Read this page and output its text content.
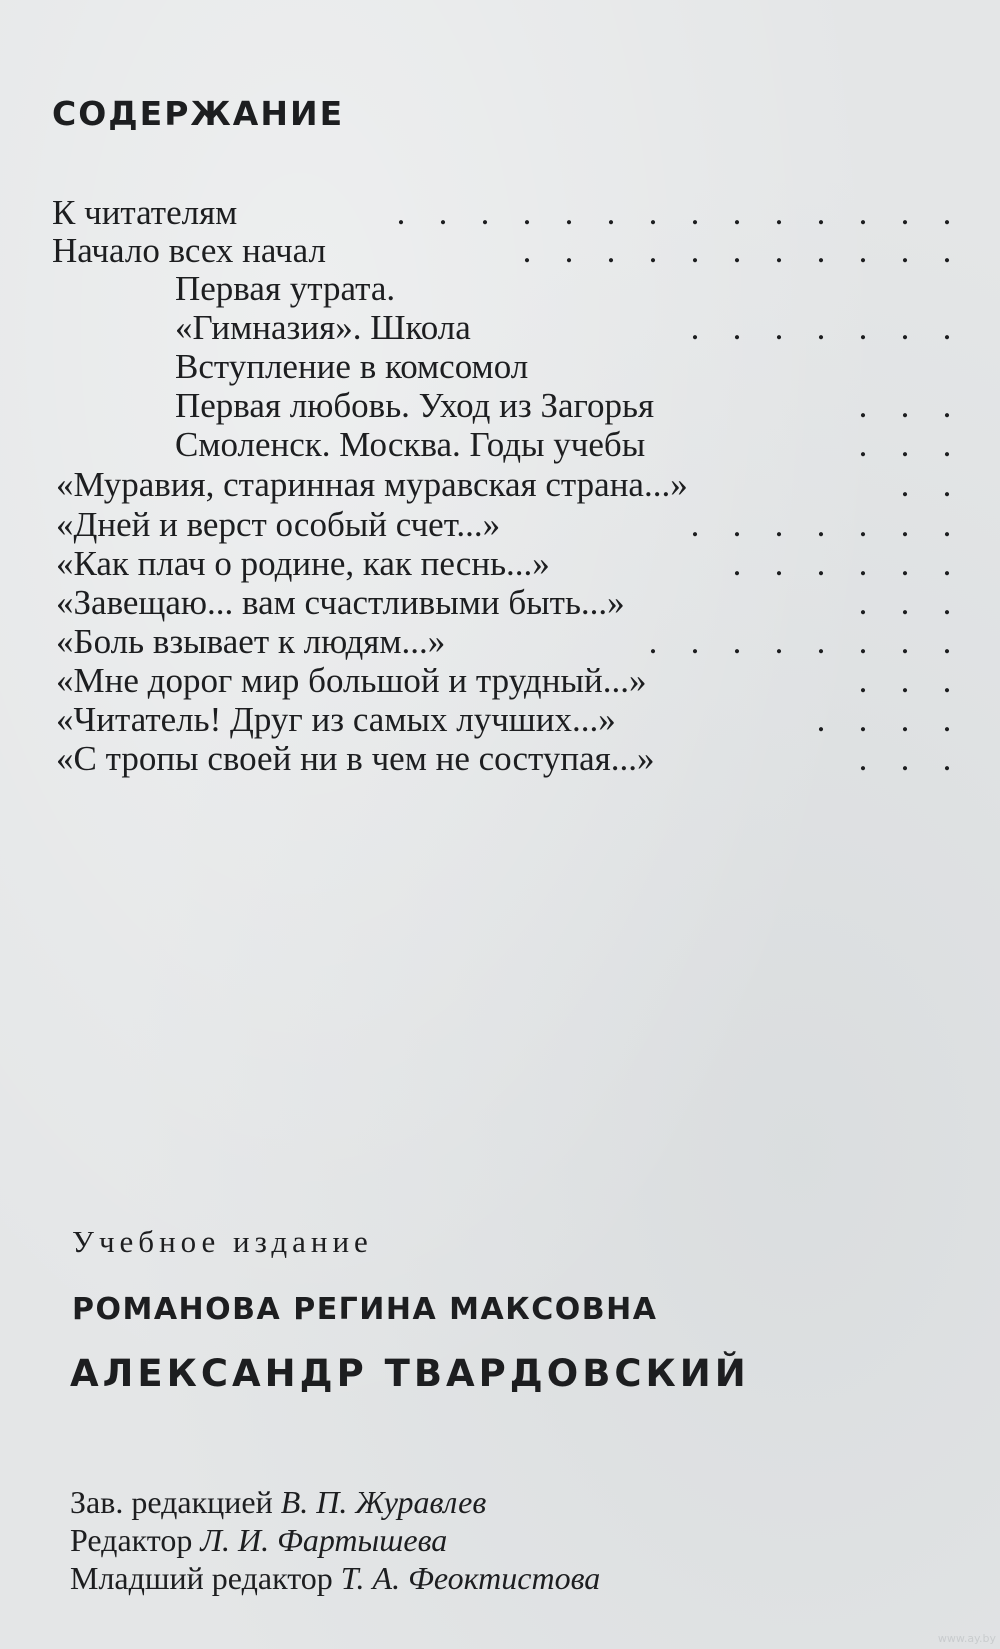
СОДЕРЖАНИЕ
К читателям	. . . . . . . . . . . . . .
Начало всех начал	. . . . . . . . . . .
Первая утрата.
«Гимназия». Школа	. . . . . . .
Вступление в комсомол
Первая любовь. Уход из Загорья	. . .
Смоленск. Москва. Годы учебы	. . .
«Муравия, старинная муравская страна...»	. .
«Дней и верст особый счет...»	. . . . . . .
«Как плач о родине, как песнь...»	. . . . . .
«Завещаю... вам счастливыми быть...»	. . .
«Боль взывает к людям...»	. . . . . . . .
«Мне дорог мир большой и трудный...»	. . .
«Читатель! Друг из самых лучших...»	. . . .
«С тропы своей ни в чем не соступая...»	. . .
Учебное издание
РОМАНОВА РЕГИНА МАКСОВНА
АЛЕКСАНДР ТВАРДОВСКИЙ
Зав. редакцией В. П. Журавлев
Редактор Л. И. Фартышева
Младший редактор Т. А. Феоктистова
www.ay.by
